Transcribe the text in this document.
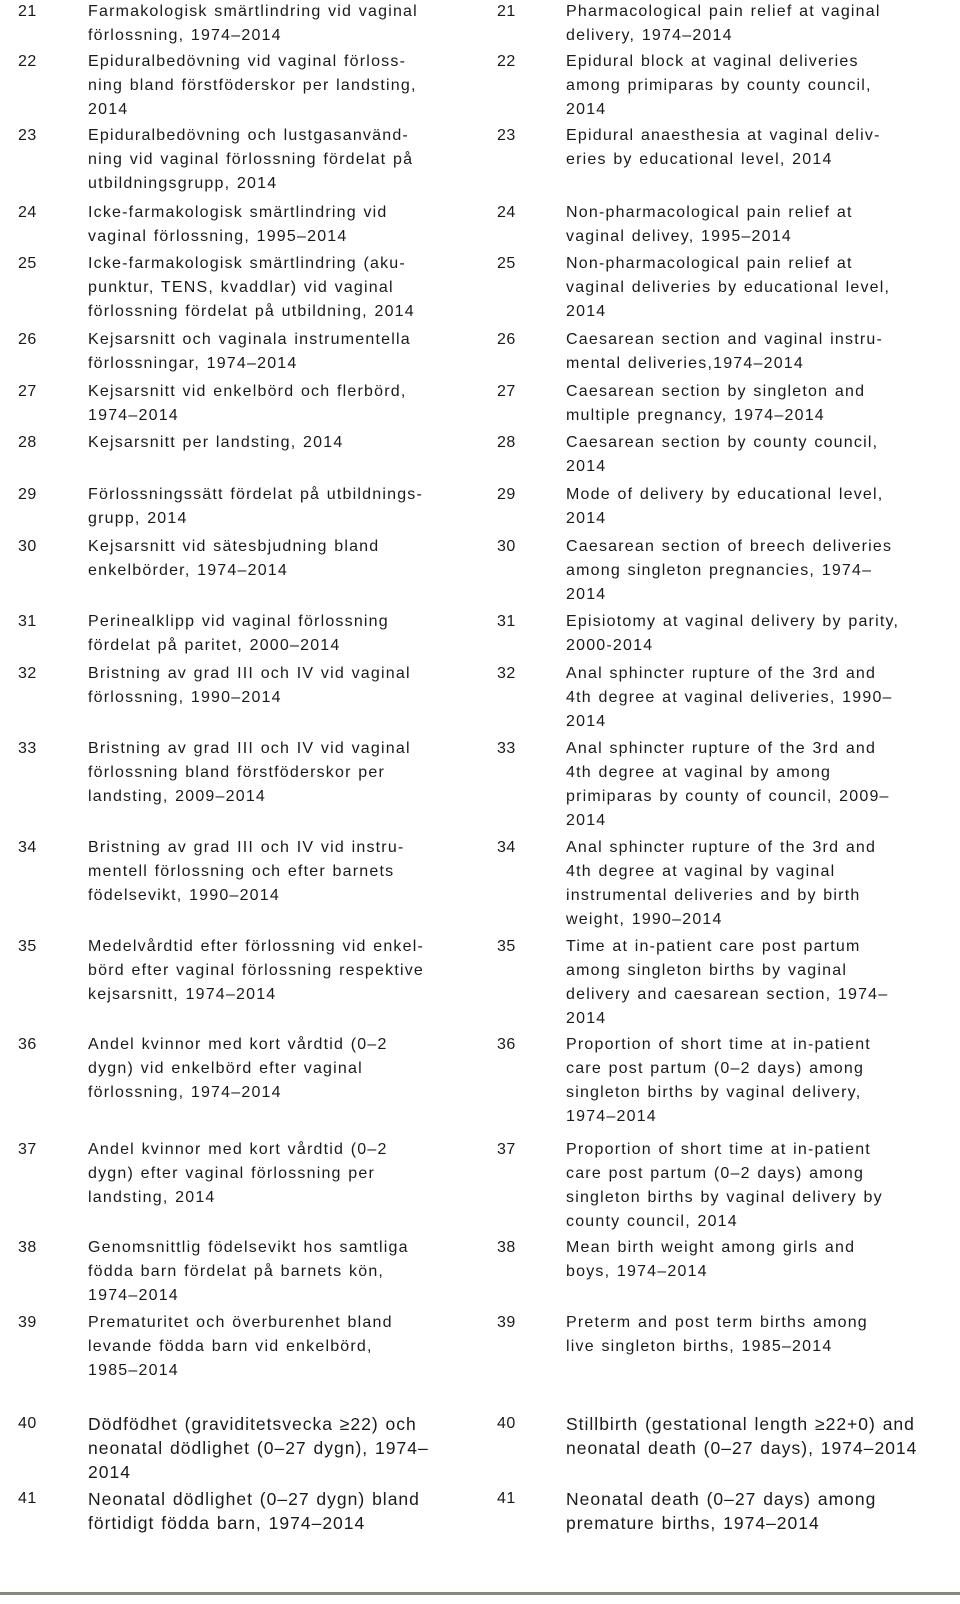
21	Farmakologisk smärtlindring vid vaginal
förlossning, 1974–2014
21	Pharmacological pain relief at vaginal
delivery, 1974–2014
22	Epiduralbedövning vid vaginal förloss-
ning bland förstföderskor per landsting,
2014
22	Epidural block at vaginal deliveries
among primiparas by county council,
2014
23	Epiduralbedövning och lustgasanvänd-
ning vid vaginal förlossning fördelat på
utbildningsgrupp, 2014
23	Epidural anaesthesia at vaginal deliv-
eries by educational level, 2014
24	Icke-farmakologisk smärtlindring vid
vaginal förlossning, 1995–2014
24	Non-pharmacological pain relief at
vaginal delivey, 1995–2014
25	Icke-farmakologisk smärtlindring (aku-
punktur, TENS, kvaddlar) vid vaginal
förlossning fördelat på utbildning, 2014
25	Non-pharmacological pain relief at
vaginal deliveries by educational level,
2014
26	Kejsarsnitt och vaginala instrumentella
förlossningar, 1974–2014
26	Caesarean section and vaginal instru-
mental deliveries,1974–2014
27	Kejsarsnitt vid enkelbörd och flerbörd,
1974–2014
27	Caesarean section by singleton and
multiple pregnancy, 1974–2014
28	Kejsarsnitt per landsting, 2014	28	Caesarean section by county council,
2014
29	Förlossningssätt fördelat på utbildnings-
grupp, 2014
29	Mode of delivery by educational level,
2014
30	Kejsarsnitt vid sätesbjudning bland
enkelbörder, 1974–2014
30	Caesarean section of breech deliveries
among singleton pregnancies, 1974–
2014
31	Perinealklipp vid vaginal förlossning
fördelat på paritet, 2000–2014
31	Episiotomy at vaginal delivery by parity,
2000-2014
32	Bristning av grad III och IV vid vaginal
förlossning, 1990–2014
32	Anal sphincter rupture of the 3rd and
4th degree at vaginal deliveries, 1990–
2014
33	Bristning av grad III och IV vid vaginal
förlossning bland förstföderskor per
landsting, 2009–2014
33	Anal sphincter rupture of the 3rd and
4th degree at vaginal by among
primiparas by county of council, 2009–
2014
34	Bristning av grad III och IV vid instru-
mentell förlossning och efter barnets
födelsevikt, 1990–2014
34	Anal sphincter rupture of the 3rd and
4th degree at vaginal by vaginal
instrumental deliveries and by birth
weight, 1990–2014
35	Medelvårdtid efter förlossning vid enkel-
börd efter vaginal förlossning respektive
kejsarsnitt, 1974–2014
35	Time at in-patient care post partum
among singleton births by vaginal
delivery and caesarean section, 1974–
2014
36	Andel kvinnor med kort vårdtid (0–2
dygn) vid enkelbörd efter vaginal
förlossning, 1974–2014
36	Proportion of short time at in-patient
care post partum (0–2 days) among
singleton births by vaginal delivery,
1974–2014
37	Andel kvinnor med kort vårdtid (0–2
dygn) efter vaginal förlossning per
landsting, 2014
37	Proportion of short time at in-patient
care post partum (0–2 days) among
singleton births by vaginal delivery by
county council, 2014
38	Genomsnittlig födelsevikt hos samtliga
födda barn fördelat på barnets kön,
1974–2014
38	Mean birth weight among girls and
boys, 1974–2014
39	Prematuritet och överburenhet bland
levande födda barn vid enkelbörd,
1985–2014
39	Preterm and post term births among
live singleton births, 1985–2014
40	Dödfödhet (graviditetsvecka ≥22) och
neonatal dödlighet (0–27 dygn), 1974–
2014
40	Stillbirth (gestational length ≥22+0) and
neonatal death (0–27 days), 1974–2014
41	Neonatal dödlighet (0–27 dygn) bland
förtidigt födda barn, 1974–2014
41	Neonatal death (0–27 days) among
premature births, 1974–2014
